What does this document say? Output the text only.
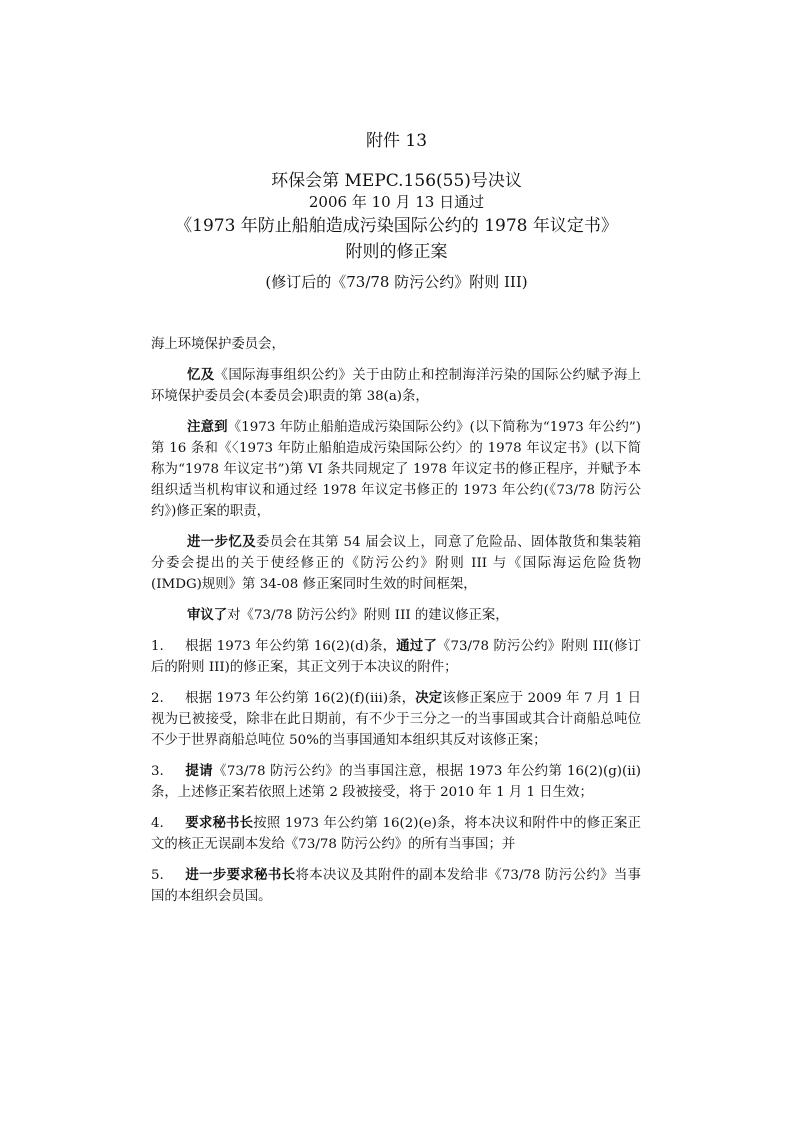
附件 13
环保会第 MEPC.156(55)号决议
2006 年 10 月 13 日通过
《1973 年防止船舶造成污染国际公约的 1978 年议定书》
附则的修正案
(修订后的《73/78 防污公约》附则 III)

海上环境保护委员会，

忆及《国际海事组织公约》关于由防止和控制海洋污染的国际公约赋予海上环境保护委员会(本委员会)职责的第 38(a)条，

注意到《1973 年防止船舶造成污染国际公约》(以下简称为“1973 年公约”)第 16 条和《〈1973 年防止船舶造成污染国际公约〉的 1978 年议定书》(以下简称为“1978 年议定书”)第 VI 条共同规定了 1978 年议定书的修正程序，并赋予本组织适当机构审议和通过经 1978 年议定书修正的 1973 年公约(《73/78 防污公约》)修正案的职责，

进一步忆及委员会在其第 54 届会议上，同意了危险品、固体散货和集装箱分委会提出的关于使经修正的《防污公约》附则 III 与《国际海运危险货物(IMDG)规则》第 34-08 修正案同时生效的时间框架，

审议了对《73/78 防污公约》附则 III 的建议修正案，

1. 根据 1973 年公约第 16(2)(d)条，通过了《73/78 防污公约》附则 III(修订后的附则 III)的修正案，其正文列于本决议的附件；

2. 根据 1973 年公约第 16(2)(f)(iii)条，决定该修正案应于 2009 年 7 月 1 日视为已被接受，除非在此日期前，有不少于三分之一的当事国或其合计商船总吨位不少于世界商船总吨位 50%的当事国通知本组织其反对该修正案；

3. 提请《73/78 防污公约》的当事国注意，根据 1973 年公约第 16(2)(g)(ii)条，上述修正案若依照上述第 2 段被接受，将于 2010 年 1 月 1 日生效；

4. 要求秘书长按照 1973 年公约第 16(2)(e)条，将本决议和附件中的修正案正文的核正无误副本发给《73/78 防污公约》的所有当事国；并

5. 进一步要求秘书长将本决议及其附件的副本发给非《73/78 防污公约》当事国的本组织会员国。
